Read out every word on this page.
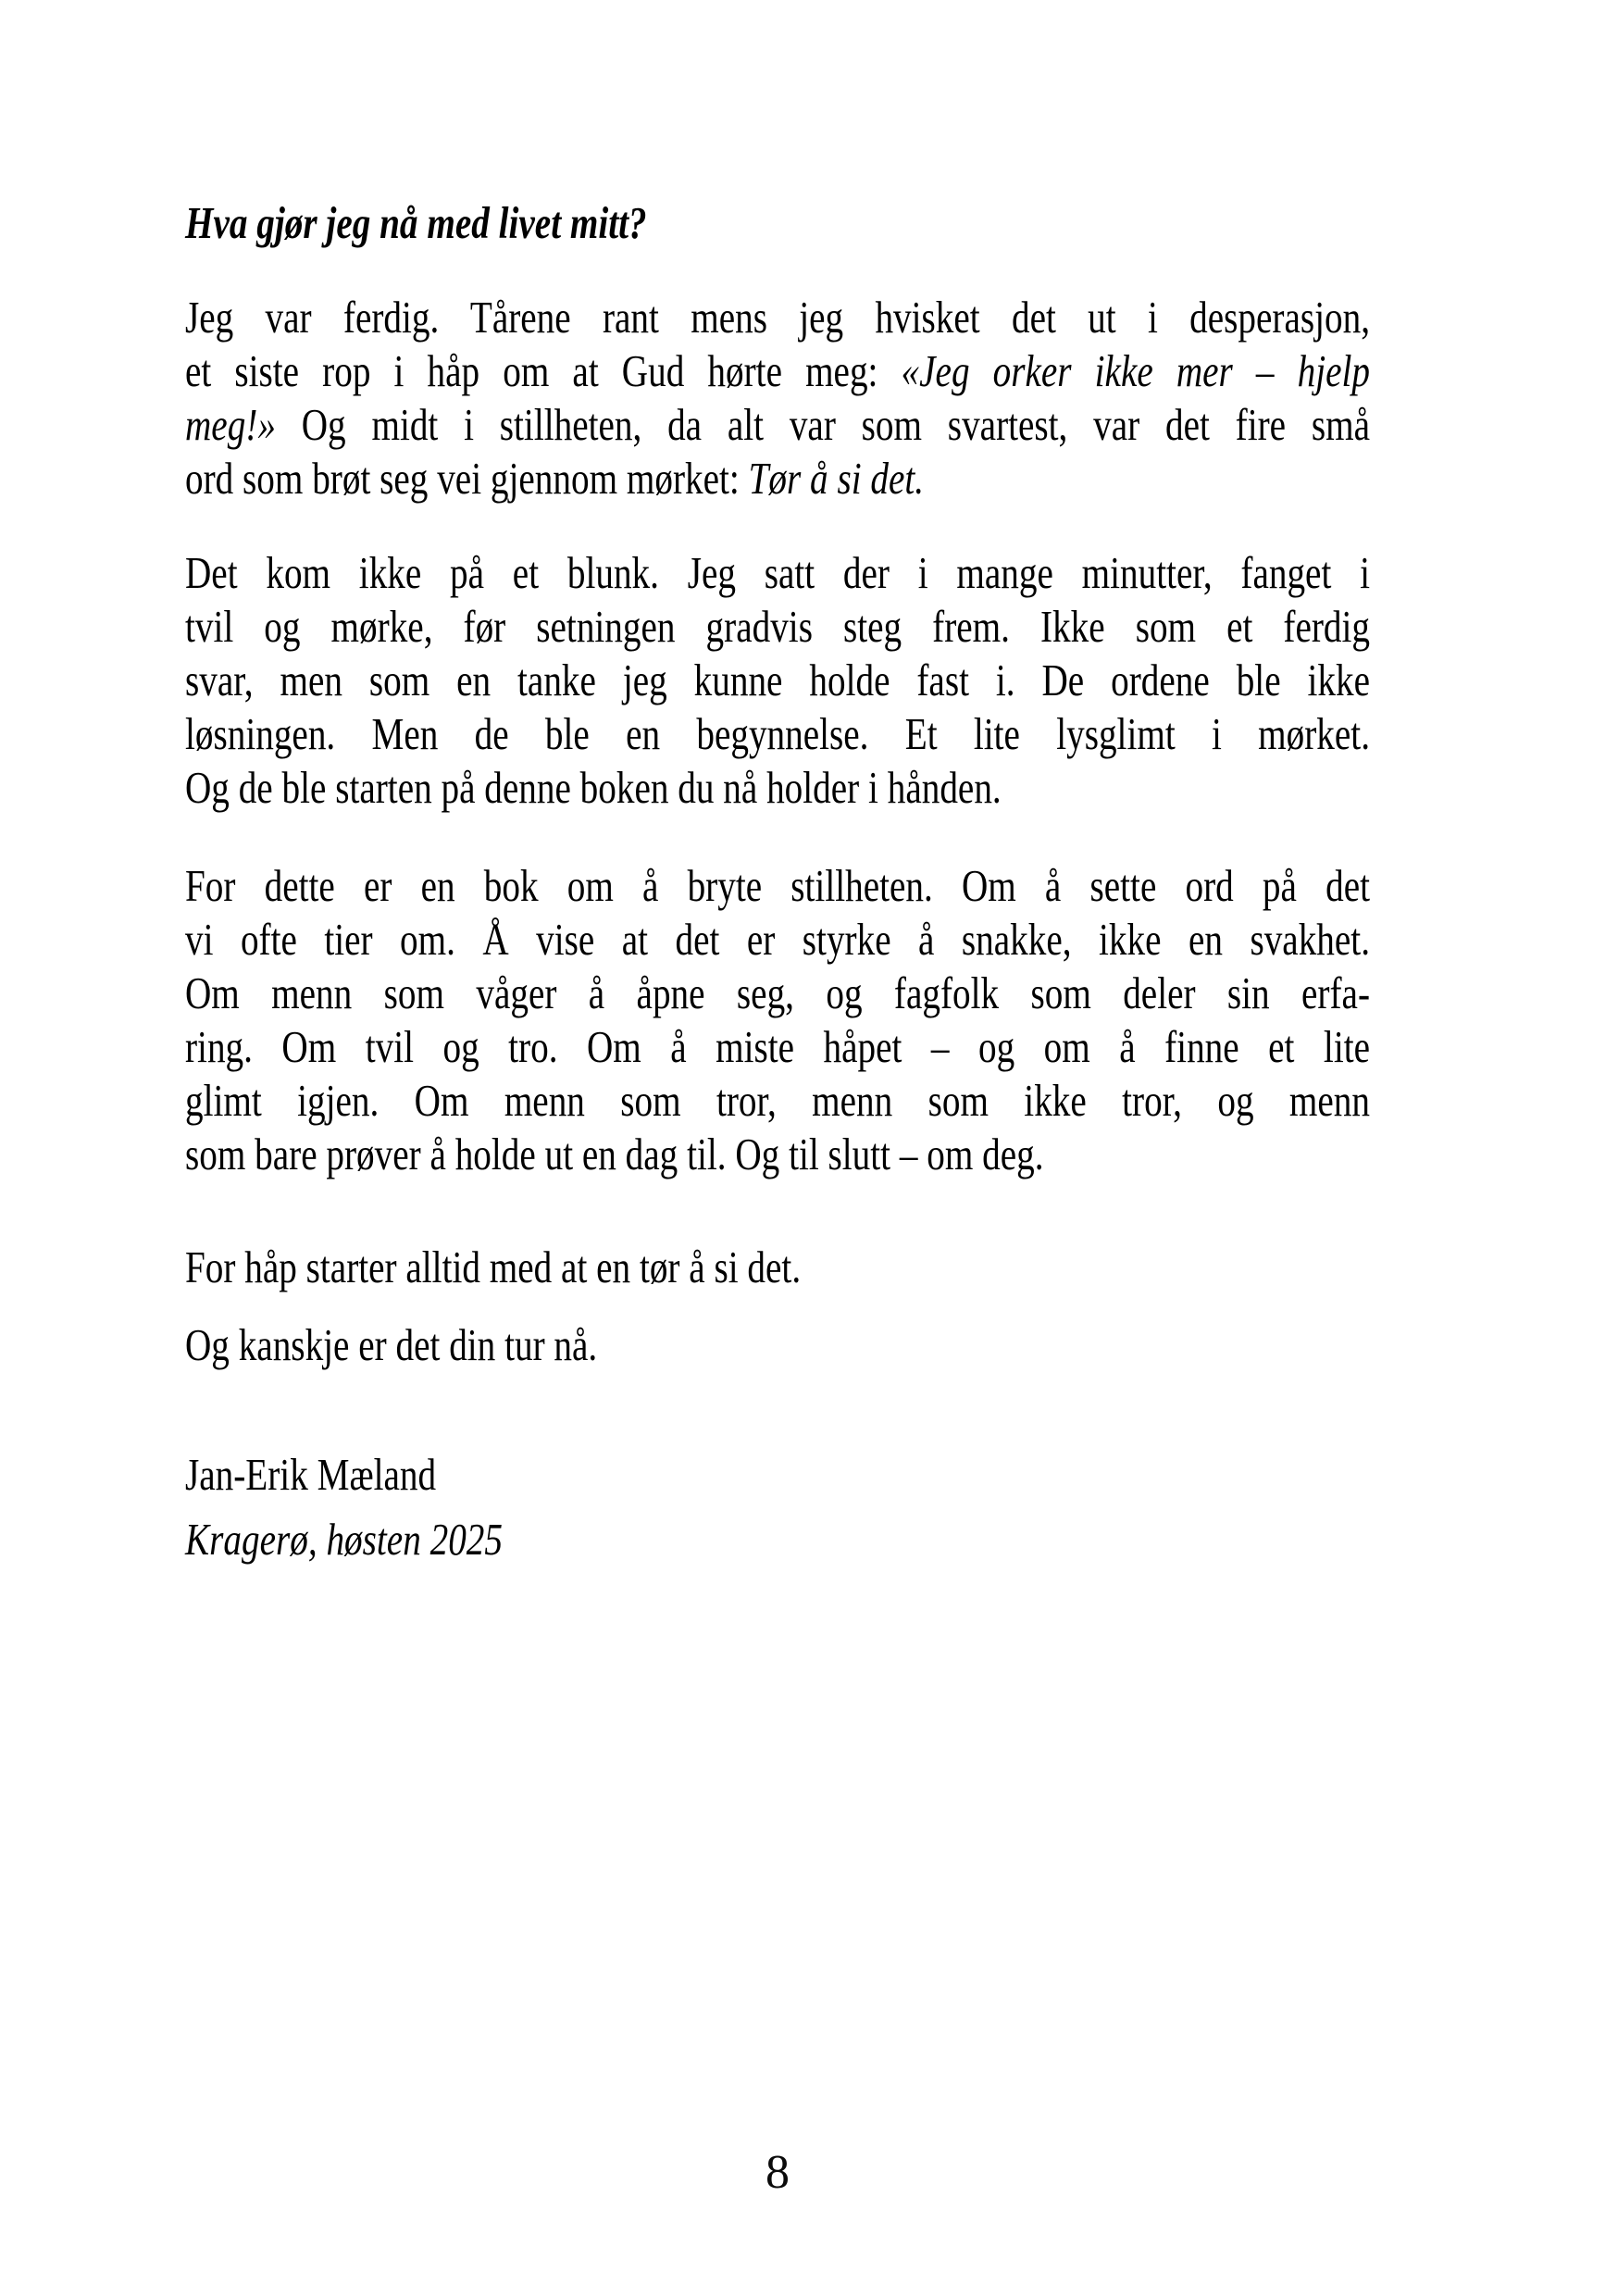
Hva gjør jeg nå med livet mitt?
Jeg var ferdig. Tårene rant mens jeg hvisket det ut i desperasjon,
et siste rop i håp om at Gud hørte meg: «Jeg orker ikke mer – hjelp
meg!» Og midt i stillheten, da alt var som svartest, var det fire små
ord som brøt seg vei gjennom mørket: Tør å si det.
Det kom ikke på et blunk. Jeg satt der i mange minutter, fanget i
tvil og mørke, før setningen gradvis steg frem. Ikke som et ferdig
svar, men som en tanke jeg kunne holde fast i. De ordene ble ikke
løsningen. Men de ble en begynnelse. Et lite lysglimt i mørket.
Og de ble starten på denne boken du nå holder i hånden.
For dette er en bok om å bryte stillheten. Om å sette ord på det
vi ofte tier om. Å vise at det er styrke å snakke, ikke en svakhet.
Om menn som våger å åpne seg, og fagfolk som deler sin erfa-
ring. Om tvil og tro. Om å miste håpet – og om å finne et lite
glimt igjen. Om menn som tror, menn som ikke tror, og menn
som bare prøver å holde ut en dag til. Og til slutt – om deg.
For håp starter alltid med at en tør å si det.
Og kanskje er det din tur nå.
Jan-Erik Mæland
Kragerø, høsten 2025
8
